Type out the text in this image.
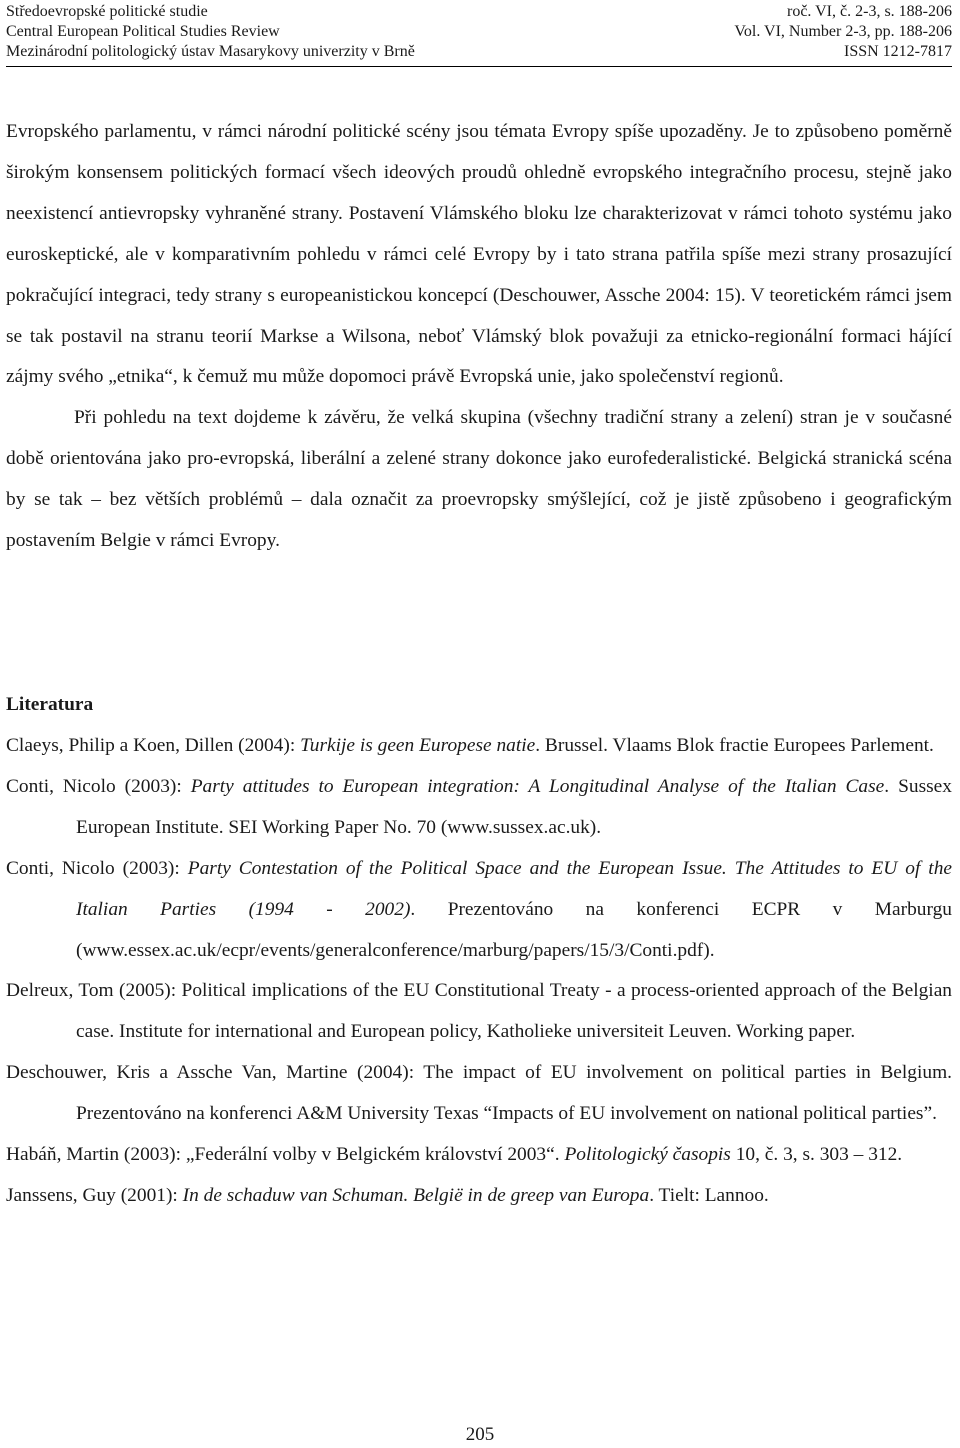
Středoevropské politické studie	roč. VI, č. 2-3, s. 188-206
Central European Political Studies Review	Vol. VI, Number 2-3, pp. 188-206
Mezinárodní politologický ústav Masarykovy univerzity v Brně	ISSN 1212-7817

Evropského parlamentu, v rámci národní politické scény jsou témata Evropy spíše upozaděny. Je to způsobeno poměrně širokým konsensem politických formací všech ideových proudů ohledně evropského integračního procesu, stejně jako neexistencí antievropsky vyhraněné strany. Postavení Vlámského bloku lze charakterizovat v rámci tohoto systému jako euroskeptické, ale v komparativním pohledu v rámci celé Evropy by i tato strana patřila spíše mezi strany prosazující pokračující integraci, tedy strany s europeanistickou koncepcí (Deschouwer, Assche 2004: 15). V teoretickém rámci jsem se tak postavil na stranu teorií Markse a Wilsona, neboť Vlámský blok považuji za etnicko-regionální formaci hájící zájmy svého „etnika“, k čemuž mu může dopomoci právě Evropská unie, jako společenství regionů.

Při pohledu na text dojdeme k závěru, že velká skupina (všechny tradiční strany a zelení) stran je v současné době orientována jako pro-evropská, liberální a zelené strany dokonce jako eurofederalistické. Belgická stranická scéna by se tak – bez větších problémů – dala označit za proevropsky smýšlející, což je jistě způsobeno i geografickým postavením Belgie v rámci Evropy.

Literatura

Claeys, Philip a Koen, Dillen (2004): Turkije is geen Europese natie. Brussel. Vlaams Blok fractie Europees Parlement.

Conti, Nicolo (2003): Party attitudes to European integration: A Longitudinal Analyse of the Italian Case. Sussex European Institute. SEI Working Paper No. 70 (www.sussex.ac.uk).

Conti, Nicolo (2003): Party Contestation of the Political Space and the European Issue. The Attitudes to EU of the Italian Parties (1994 - 2002). Prezentováno na konferenci ECPR v Marburgu (www.essex.ac.uk/ecpr/events/generalconference/marburg/papers/15/3/Conti.pdf).

Delreux, Tom (2005): Political implications of the EU Constitutional Treaty - a process-oriented approach of the Belgian case. Institute for international and European policy, Katholieke universiteit Leuven. Working paper.

Deschouwer, Kris a Assche Van, Martine (2004): The impact of EU involvement on political parties in Belgium. Prezentováno na konferenci A&M University Texas “Impacts of EU involvement on national political parties”.

Habáň, Martin (2003): „Federální volby v Belgickém království 2003“. Politologický časopis 10, č. 3, s. 303 – 312.

Janssens, Guy (2001): In de schaduw van Schuman. België in de greep van Europa. Tielt: Lannoo.

205
